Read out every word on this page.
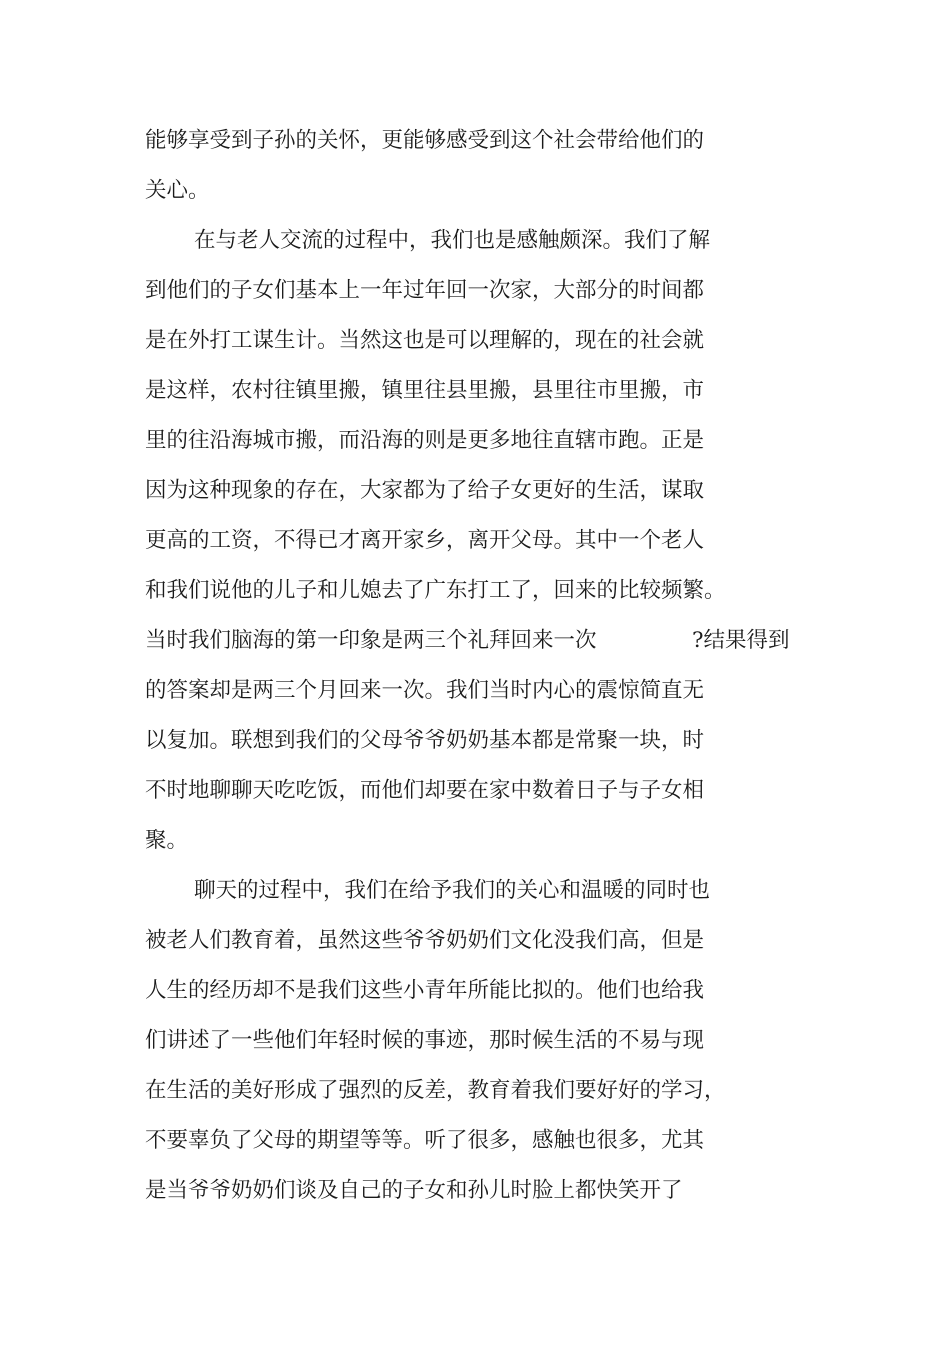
能够享受到子孙的关怀，更能够感受到这个社会带给他们的
关心。
在与老人交流的过程中，我们也是感触颇深。我们了解
到他们的子女们基本上一年过年回一次家，大部分的时间都
是在外打工谋生计。当然这也是可以理解的，现在的社会就
是这样，农村往镇里搬，镇里往县里搬，县里往市里搬，市
里的往沿海城市搬，而沿海的则是更多地往直辖市跑。正是
因为这种现象的存在，大家都为了给子女更好的生活，谋取
更高的工资，不得已才离开家乡，离开父母。其中一个老人
和我们说他的儿子和儿媳去了广东打工了，回来的比较频繁。
当时我们脑海的第一印象是两三个礼拜回来一次	?结果得到
的答案却是两三个月回来一次。我们当时内心的震惊简直无
以复加。联想到我们的父母爷爷奶奶基本都是常聚一块，时
不时地聊聊天吃吃饭，而他们却要在家中数着日子与子女相
聚。
聊天的过程中，我们在给予我们的关心和温暖的同时也
被老人们教育着，虽然这些爷爷奶奶们文化没我们高，但是
人生的经历却不是我们这些小青年所能比拟的。他们也给我
们讲述了一些他们年轻时候的事迹，那时候生活的不易与现
在生活的美好形成了强烈的反差，教育着我们要好好的学习，
不要辜负了父母的期望等等。听了很多，感触也很多，尤其
是当爷爷奶奶们谈及自己的子女和孙儿时脸上都快笑开了
